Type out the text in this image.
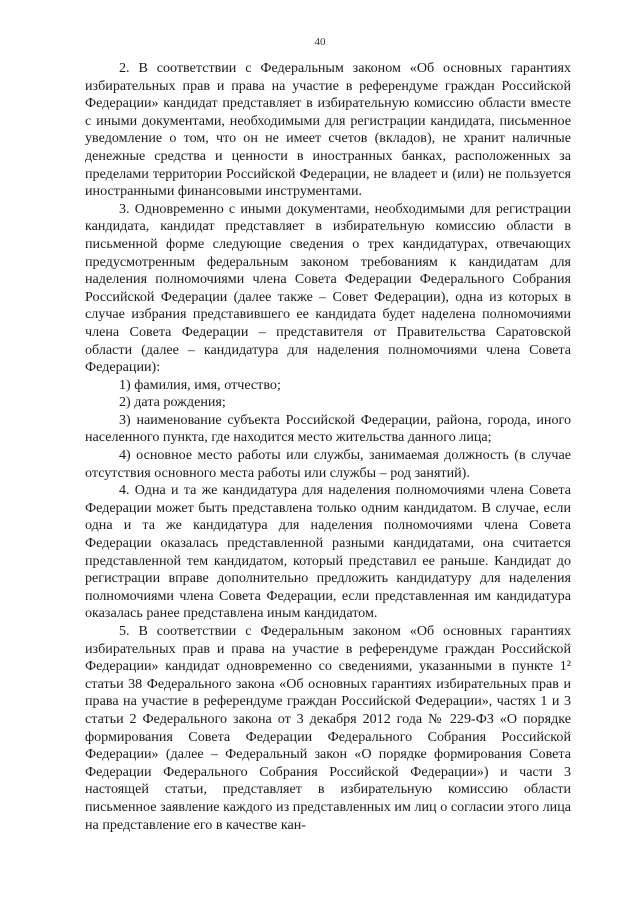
40

2. В соответствии с Федеральным законом «Об основных гарантиях избирательных прав и права на участие в референдуме граждан Российской Федерации» кандидат представляет в избирательную комиссию области вместе с иными документами, необходимыми для регистрации кандидата, письменное уведомление о том, что он не имеет счетов (вкладов), не хранит наличные денежные средства и ценности в иностранных банках, расположенных за пределами территории Российской Федерации, не владеет и (или) не пользуется иностранными финансовыми инструментами.

3. Одновременно с иными документами, необходимыми для регистрации кандидата, кандидат представляет в избирательную комиссию области в письменной форме следующие сведения о трех кандидатурах, отвечающих предусмотренным федеральным законом требованиям к кандидатам для наделения полномочиями члена Совета Федерации Федерального Собрания Российской Федерации (далее также – Совет Федерации), одна из которых в случае избрания представившего ее кандидата будет наделена полномочиями члена Совета Федерации – представителя от Правительства Саратовской области (далее – кандидатура для наделения полномочиями члена Совета Федерации):

1) фамилия, имя, отчество;

2) дата рождения;

3) наименование субъекта Российской Федерации, района, города, иного населенного пункта, где находится место жительства данного лица;

4) основное место работы или службы, занимаемая должность (в случае отсутствия основного места работы или службы – род занятий).

4. Одна и та же кандидатура для наделения полномочиями члена Совета Федерации может быть представлена только одним кандидатом. В случае, если одна и та же кандидатура для наделения полномочиями члена Совета Федерации оказалась представленной разными кандидатами, она считается представленной тем кандидатом, который представил ее раньше. Кандидат до регистрации вправе дополнительно предложить кандидатуру для наделения полномочиями члена Совета Федерации, если представленная им кандидатура оказалась ранее представлена иным кандидатом.

5. В соответствии с Федеральным законом «Об основных гарантиях избирательных прав и права на участие в референдуме граждан Российской Федерации» кандидат одновременно со сведениями, указанными в пункте 1² статьи 38 Федерального закона «Об основных гарантиях избирательных прав и права на участие в референдуме граждан Российской Федерации», частях 1 и 3 статьи 2 Федерального закона от 3 декабря 2012 года № 229-ФЗ «О порядке формирования Совета Федерации Федерального Собрания Российской Федерации» (далее – Федеральный закон «О порядке формирования Совета Федерации Федерального Собрания Российской Федерации») и части 3 настоящей статьи, представляет в избирательную комиссию области письменное заявление каждого из представленных им лиц о согласии этого лица на представление его в качестве кан-
